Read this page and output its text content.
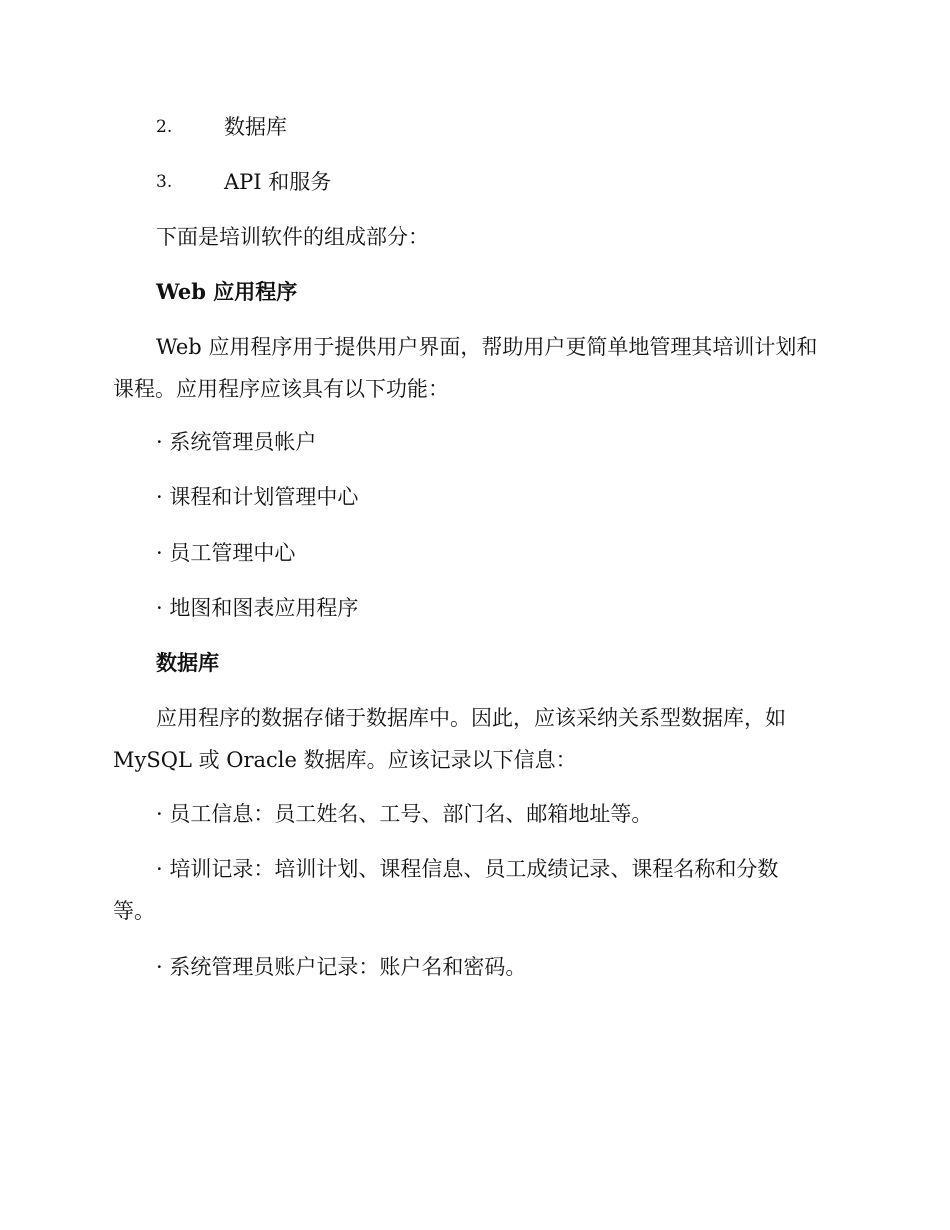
2. 数据库
3. API 和服务
下面是培训软件的组成部分：
Web 应用程序
Web 应用程序用于提供用户界面，帮助用户更简单地管理其培训计划和
课程。应用程序应该具有以下功能：
· 系统管理员帐户
· 课程和计划管理中心
· 员工管理中心
· 地图和图表应用程序
数据库
应用程序的数据存储于数据库中。因此，应该采纳关系型数据库，如
MySQL 或 Oracle 数据库。应该记录以下信息：
· 员工信息：员工姓名、工号、部门名、邮箱地址等。
· 培训记录：培训计划、课程信息、员工成绩记录、课程名称和分数
等。
· 系统管理员账户记录：账户名和密码。
